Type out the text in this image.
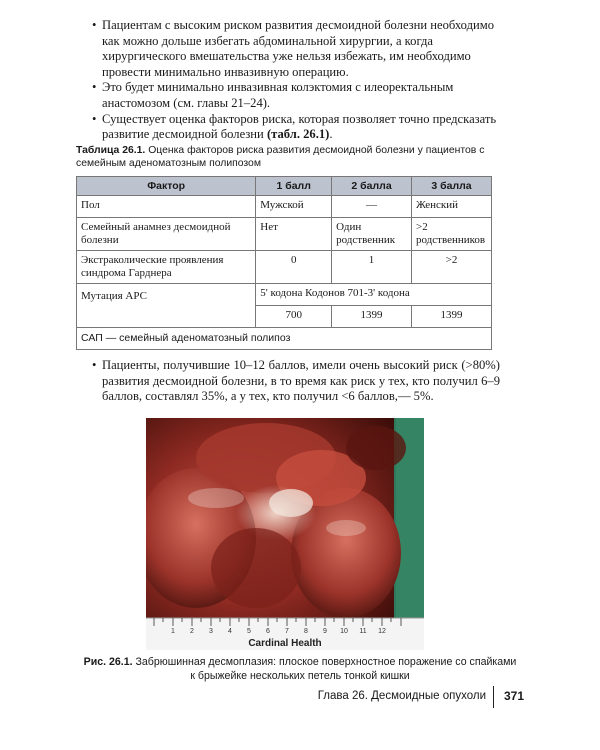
• Пациентам с высоким риском развития десмоидной болезни необходимо как можно дольше избегать абдоминальной хирургии, а когда хирургического вмешательства уже нельзя избежать, им необходимо провести минимально инвазивную операцию.
• Это будет минимально инвазивная колэктомия с илеоректальным анастомозом (см. главы 21–24).
• Существует оценка факторов риска, которая позволяет точно предсказать развитие десмоидной болезни (табл. 26.1).
Таблица 26.1. Оценка факторов риска развития десмоидной болезни у пациентов с семейным аденоматозным полипозом
Фактор	1 балл	2 балла	3 балла
Пол	Мужской	—	Женский
Семейный анамнез десмоидной болезни	Нет	Один родственник	>2 родственников
Экстраколические проявления синдрома Гарднера	0	1	>2
Мутация АРС	5' кодона Кодонов 701-3' кодона		
	700	1399	1399
САП — семейный аденоматозный полипоз			
• Пациенты, получившие 10–12 баллов, имели очень высокий риск (>80%) развития десмоидной болезни, в то время как риск у тех, кто получил 6–9 баллов, составлял 35%, а у тех, кто получил <6 баллов,— 5%.
1 2 3 4 5 6 7 8 9 10 11 12
Cardinal Health
Рис. 26.1. Забрюшинная десмоплазия: плоское поверхностное поражение со спайками к брыжейке нескольких петель тонкой кишки
Глава 26. Десмоидные опухоли 371
